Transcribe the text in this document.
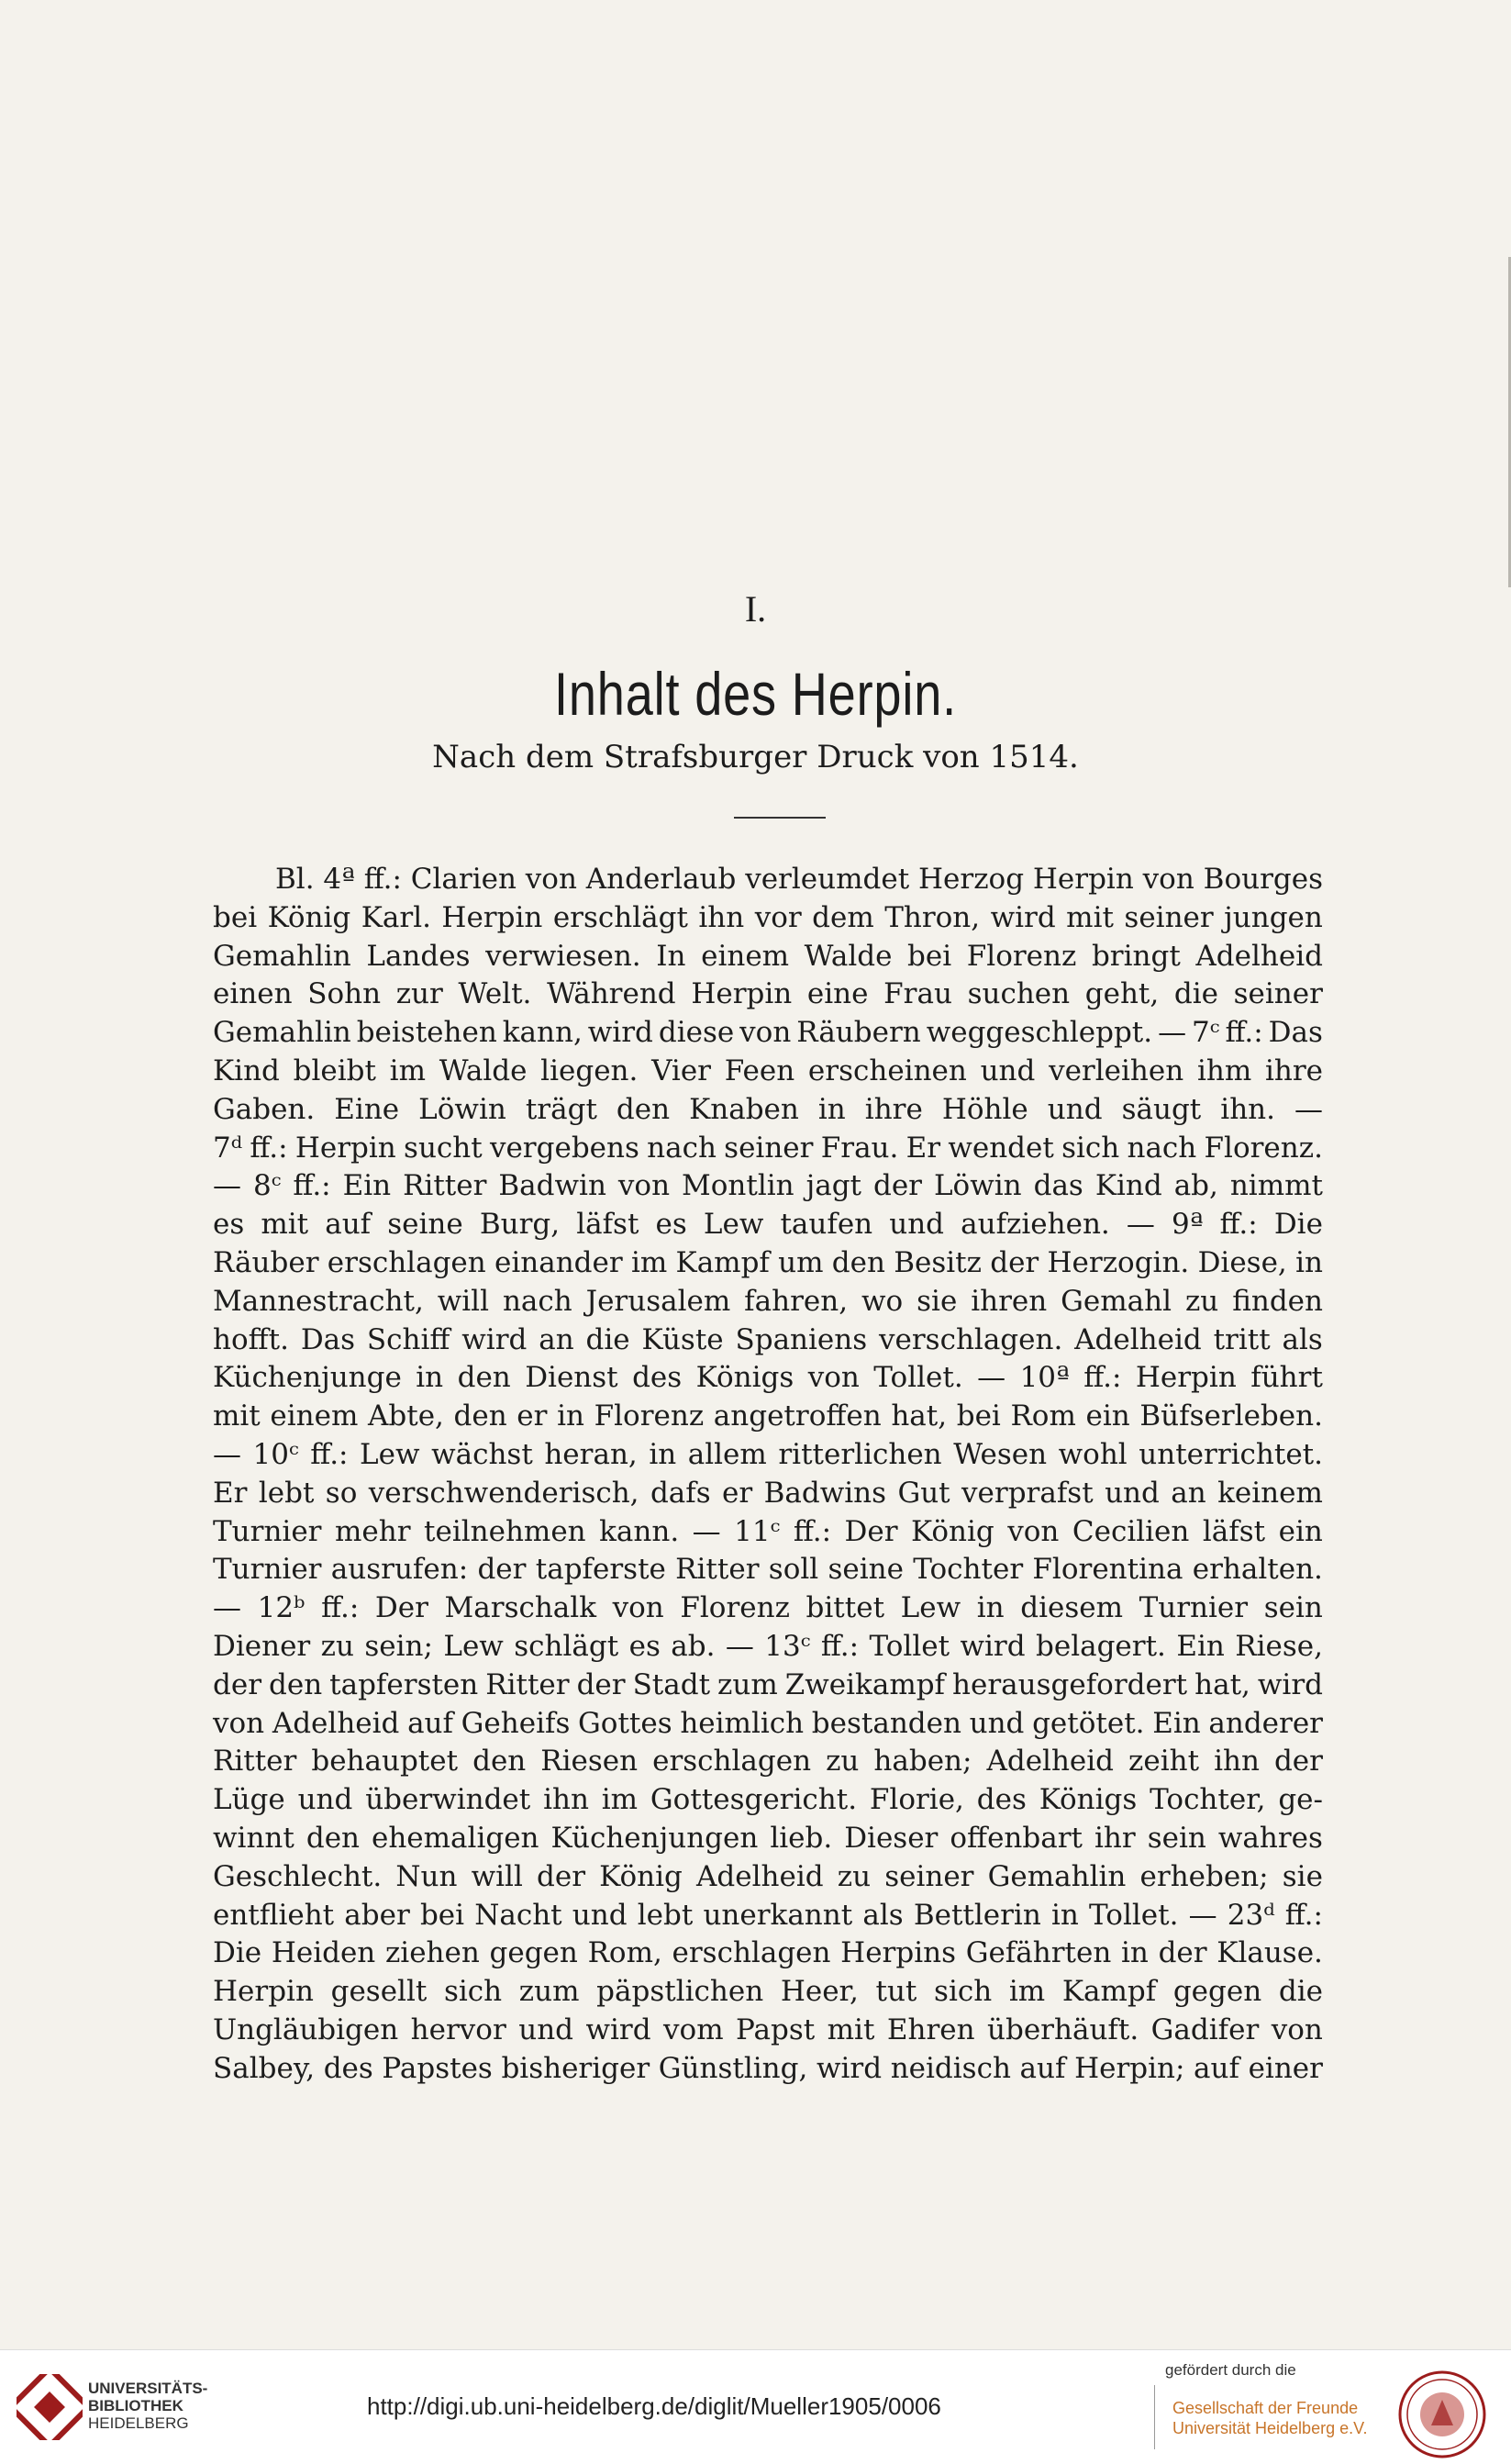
I.
Inhalt des Herpin.
Nach dem Strafsburger Druck von 1514.
Bl. 4ª ff.: Clarien von Anderlaub verleumdet Herzog Herpin von Bourges
bei König Karl. Herpin erschlägt ihn vor dem Thron, wird mit seiner jungen
Gemahlin Landes verwiesen. In einem Walde bei Florenz bringt Adelheid
einen Sohn zur Welt. Während Herpin eine Frau suchen geht, die seiner
Gemahlin beistehen kann, wird diese von Räubern weggeschleppt. — 7ᶜ ff.: Das
Kind bleibt im Walde liegen. Vier Feen erscheinen und verleihen ihm ihre
Gaben. Eine Löwin trägt den Knaben in ihre Höhle und säugt ihn. —
7ᵈ ff.: Herpin sucht vergebens nach seiner Frau. Er wendet sich nach Florenz.
— 8ᶜ ff.: Ein Ritter Badwin von Montlin jagt der Löwin das Kind ab, nimmt
es mit auf seine Burg, läfst es Lew taufen und aufziehen. — 9ª ff.: Die
Räuber erschlagen einander im Kampf um den Besitz der Herzogin. Diese, in
Mannestracht, will nach Jerusalem fahren, wo sie ihren Gemahl zu finden
hofft. Das Schiff wird an die Küste Spaniens verschlagen. Adelheid tritt als
Küchenjunge in den Dienst des Königs von Tollet. — 10ª ff.: Herpin führt
mit einem Abte, den er in Florenz angetroffen hat, bei Rom ein Büfserleben.
— 10ᶜ ff.: Lew wächst heran, in allem ritterlichen Wesen wohl unterrichtet.
Er lebt so verschwenderisch, dafs er Badwins Gut verprafst und an keinem
Turnier mehr teilnehmen kann. — 11ᶜ ff.: Der König von Cecilien läfst ein
Turnier ausrufen: der tapferste Ritter soll seine Tochter Florentina erhalten.
— 12ᵇ ff.: Der Marschalk von Florenz bittet Lew in diesem Turnier sein
Diener zu sein; Lew schlägt es ab. — 13ᶜ ff.: Tollet wird belagert. Ein Riese,
der den tapfersten Ritter der Stadt zum Zweikampf herausgefordert hat, wird
von Adelheid auf Geheifs Gottes heimlich bestanden und getötet. Ein anderer
Ritter behauptet den Riesen erschlagen zu haben; Adelheid zeiht ihn der
Lüge und überwindet ihn im Gottesgericht. Florie, des Königs Tochter, ge-
winnt den ehemaligen Küchenjungen lieb. Dieser offenbart ihr sein wahres
Geschlecht. Nun will der König Adelheid zu seiner Gemahlin erheben; sie
entflieht aber bei Nacht und lebt unerkannt als Bettlerin in Tollet. — 23ᵈ ff.:
Die Heiden ziehen gegen Rom, erschlagen Herpins Gefährten in der Klause.
Herpin gesellt sich zum päpstlichen Heer, tut sich im Kampf gegen die
Ungläubigen hervor und wird vom Papst mit Ehren überhäuft. Gadifer von
Salbey, des Papstes bisheriger Günstling, wird neidisch auf Herpin; auf einer
UNIVERSITÄTS-
BIBLIOTHEK
HEIDELBERG
http://digi.ub.uni-heidelberg.de/diglit/Mueller1905/0006
gefördert durch die
Gesellschaft der Freunde
Universität Heidelberg e.V.
